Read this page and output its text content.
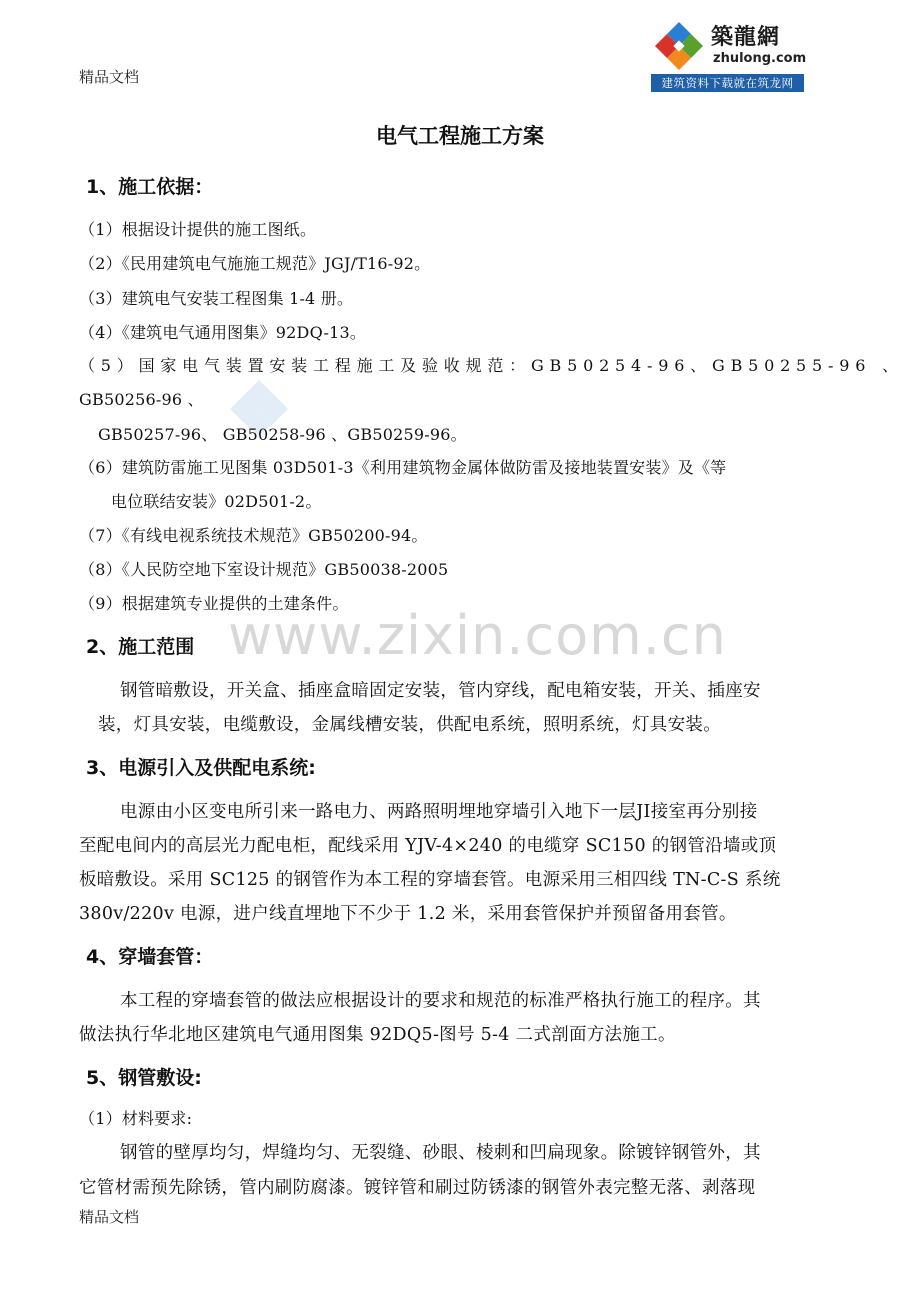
精品文档
築龍網
zhulong.com
建筑资料下载就在筑龙网
www.zixin.com.cn
电气工程施工方案
1、施工依据：
（1）根据设计提供的施工图纸。
（2）《民用建筑电气施施工规范》JGJ/T16-92。
（3）建筑电气安装工程图集 1-4 册。
（4）《建筑电气通用图集》92DQ-13。
（5）国家电气装置安装工程施工及验收规范：GB50254-96、GB50255-96 、
GB50256-96 、
GB50257-96、 GB50258-96 、GB50259-96。
（6）建筑防雷施工见图集 03D501-3《利用建筑物金属体做防雷及接地装置安装》及《等
电位联结安装》02D501-2。
（7）《有线电视系统技术规范》GB50200-94。
（8）《人民防空地下室设计规范》GB50038-2005
（9）根据建筑专业提供的土建条件。
2、施工范围
钢管暗敷设，开关盒、插座盒暗固定安装，管内穿线，配电箱安装，开关、插座安
装，灯具安装，电缆敷设，金属线槽安装，供配电系统，照明系统，灯具安装。
3、电源引入及供配电系统:
电源由小区变电所引来一路电力、两路照明埋地穿墙引入地下一层JI接室再分别接
至配电间内的高层光力配电柜，配线采用 YJV-4×240 的电缆穿 SC150 的钢管沿墙或顶
板暗敷设。采用 SC125 的钢管作为本工程的穿墙套管。电源采用三相四线 TN-C-S 系统
380v/220v 电源，进户线直埋地下不少于 1.2 米，采用套管保护并预留备用套管。
4、穿墙套管：
本工程的穿墙套管的做法应根据设计的要求和规范的标准严格执行施工的程序。其
做法执行华北地区建筑电气通用图集 92DQ5-图号 5-4 二式剖面方法施工。
5、钢管敷设:
（1）材料要求:
钢管的壁厚均匀，焊缝均匀、无裂缝、砂眼、棱刺和凹扁现象。除镀锌钢管外，其
它管材需预先除锈，管内刷防腐漆。镀锌管和刷过防锈漆的钢管外表完整无落、剥落现
精品文档
